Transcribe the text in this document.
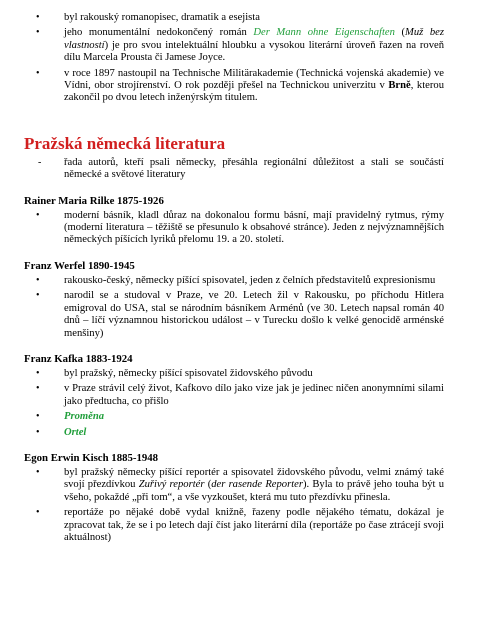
• byl rakouský romanopisec, dramatik a esejista
• jeho monumentální nedokončený román Der Mann ohne Eigenschaften (Muž bez vlastností) je pro svou intelektuální hloubku a vysokou literární úroveň řazen na roveň dílu Marcela Prousta či Jamese Joyce.
• v roce 1897 nastoupil na Technische Militärakademie (Technická vojenská akademie) ve Vídni, obor strojírenství. O rok později přešel na Technickou univerzitu v Brně, kterou zakončil po dvou letech inženýrským titulem.
Pražská německá literatura
- řada autorů, kteří psali německy, přesáhla regionální důležitost a stali se součástí německé a světové literatury
Rainer Maria Rilke 1875-1926
• moderní básník, kladl důraz na dokonalou formu básní, mají pravidelný rytmus, rýmy (moderní literatura – těžiště se přesunulo k obsahové stránce). Jeden z nejvýznamnějších německých píšících lyriků přelomu 19. a 20. století.
Franz Werfel 1890-1945
• rakousko-český, německy píšící spisovatel, jeden z čelních představitelů expresionismu
• narodil se a studoval v Praze, ve 20. Letech žil v Rakousku, po příchodu Hitlera emigroval do USA, stal se národním básníkem Arménů (ve 30. Letech napsal román 40 dnů – líčí významnou historickou událost – v Turecku došlo k velké genocidě arménské menšiny)
Franz Kafka 1883-1924
• byl pražský, německy píšící spisovatel židovského původu
• v Praze strávil celý život, Kafkovo dílo jako vize jak je jedinec ničen anonymními silami jako předtucha, co přišlo
• Proměna
• Ortel
Egon Erwin Kisch 1885-1948
• byl pražský německy píšící reportér a spisovatel židovského původu, velmi známý také svojí přezdívkou Zuřivý reportér (der rasende Reporter). Byla to právě jeho touha být u všeho, pokaždé „při tom“, a vše vyzkoušet, která mu tuto přezdívku přinesla.
• reportáže po nějaké době vydal knižně, řazeny podle nějakého tématu, dokázal je zpracovat tak, že se i po letech dají číst jako literární díla (reportáže po čase ztrácejí svoji aktuálnost)
